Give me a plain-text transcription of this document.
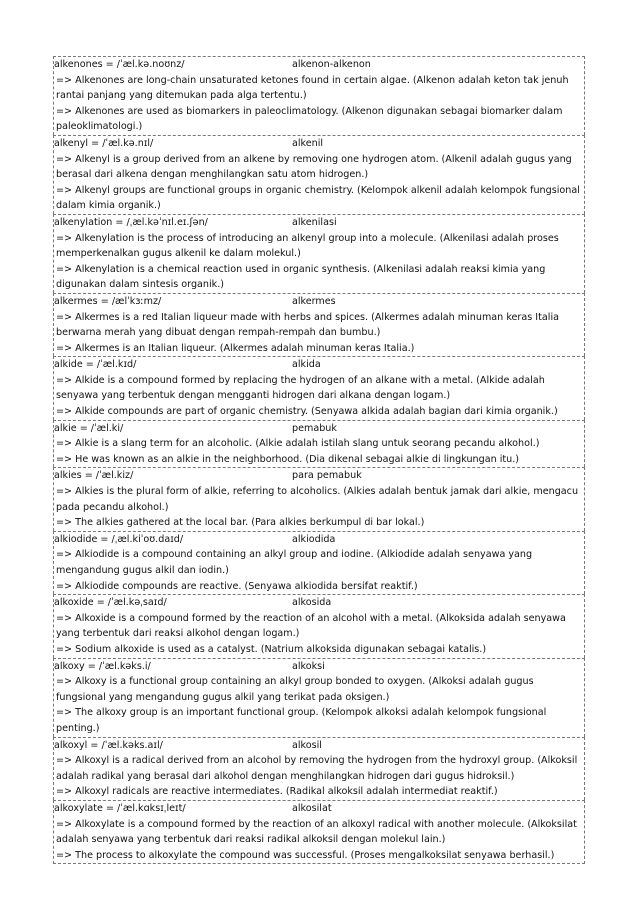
alkenones = /ˈæl.kə.noʊnz/	alkenon-alkenon
=> Alkenones are long-chain unsaturated ketones found in certain algae. (Alkenon adalah keton tak jenuh rantai panjang yang ditemukan pada alga tertentu.)
=> Alkenones are used as biomarkers in paleoclimatology. (Alkenon digunakan sebagai biomarker dalam paleoklimatologi.)
alkenyl = /ˈæl.kə.nɪl/	alkenil
=> Alkenyl is a group derived from an alkene by removing one hydrogen atom. (Alkenil adalah gugus yang berasal dari alkena dengan menghilangkan satu atom hidrogen.)
=> Alkenyl groups are functional groups in organic chemistry. (Kelompok alkenil adalah kelompok fungsional dalam kimia organik.)
alkenylation = /ˌæl.kəˈnɪl.eɪ.ʃən/	alkenilasi
=> Alkenylation is the process of introducing an alkenyl group into a molecule. (Alkenilasi adalah proses memperkenalkan gugus alkenil ke dalam molekul.)
=> Alkenylation is a chemical reaction used in organic synthesis. (Alkenilasi adalah reaksi kimia yang digunakan dalam sintesis organik.)
alkermes = /ælˈkɜːmz/	alkermes
=> Alkermes is a red Italian liqueur made with herbs and spices. (Alkermes adalah minuman keras Italia berwarna merah yang dibuat dengan rempah-rempah dan bumbu.)
=> Alkermes is an Italian liqueur. (Alkermes adalah minuman keras Italia.)
alkide = /ˈæl.kɪd/	alkida
=> Alkide is a compound formed by replacing the hydrogen of an alkane with a metal. (Alkide adalah senyawa yang terbentuk dengan mengganti hidrogen dari alkana dengan logam.)
=> Alkide compounds are part of organic chemistry. (Senyawa alkida adalah bagian dari kimia organik.)
alkie = /ˈæl.ki/	pemabuk
=> Alkie is a slang term for an alcoholic. (Alkie adalah istilah slang untuk seorang pecandu alkohol.)
=> He was known as an alkie in the neighborhood. (Dia dikenal sebagai alkie di lingkungan itu.)
alkies = /ˈæl.kiz/	para pemabuk
=> Alkies is the plural form of alkie, referring to alcoholics. (Alkies adalah bentuk jamak dari alkie, mengacu pada pecandu alkohol.)
=> The alkies gathered at the local bar. (Para alkies berkumpul di bar lokal.)
alkiodide = /ˌæl.kiˈoʊ.daɪd/	alkiodida
=> Alkiodide is a compound containing an alkyl group and iodine. (Alkiodide adalah senyawa yang mengandung gugus alkil dan iodin.)
=> Alkiodide compounds are reactive. (Senyawa alkiodida bersifat reaktif.)
alkoxide = /ˈæl.kəˌsaɪd/	alkosida
=> Alkoxide is a compound formed by the reaction of an alcohol with a metal. (Alkoksida adalah senyawa yang terbentuk dari reaksi alkohol dengan logam.)
=> Sodium alkoxide is used as a catalyst. (Natrium alkoksida digunakan sebagai katalis.)
alkoxy = /ˈæl.kəks.i/	alkoksi
=> Alkoxy is a functional group containing an alkyl group bonded to oxygen. (Alkoksi adalah gugus fungsional yang mengandung gugus alkil yang terikat pada oksigen.)
=> The alkoxy group is an important functional group. (Kelompok alkoksi adalah kelompok fungsional penting.)
alkoxyl = /ˈæl.kəks.aɪl/	alkosil
=> Alkoxyl is a radical derived from an alcohol by removing the hydrogen from the hydroxyl group. (Alkoksil adalah radikal yang berasal dari alkohol dengan menghilangkan hidrogen dari gugus hidroksil.)
=> Alkoxyl radicals are reactive intermediates. (Radikal alkoksil adalah intermediat reaktif.)
alkoxylate = /ˈæl.kɑksɪˌleɪt/	alkosilat
=> Alkoxylate is a compound formed by the reaction of an alkoxyl radical with another molecule. (Alkoksilat adalah senyawa yang terbentuk dari reaksi radikal alkoksil dengan molekul lain.)
=> The process to alkoxylate the compound was successful. (Proses mengalkoksilat senyawa berhasil.)
